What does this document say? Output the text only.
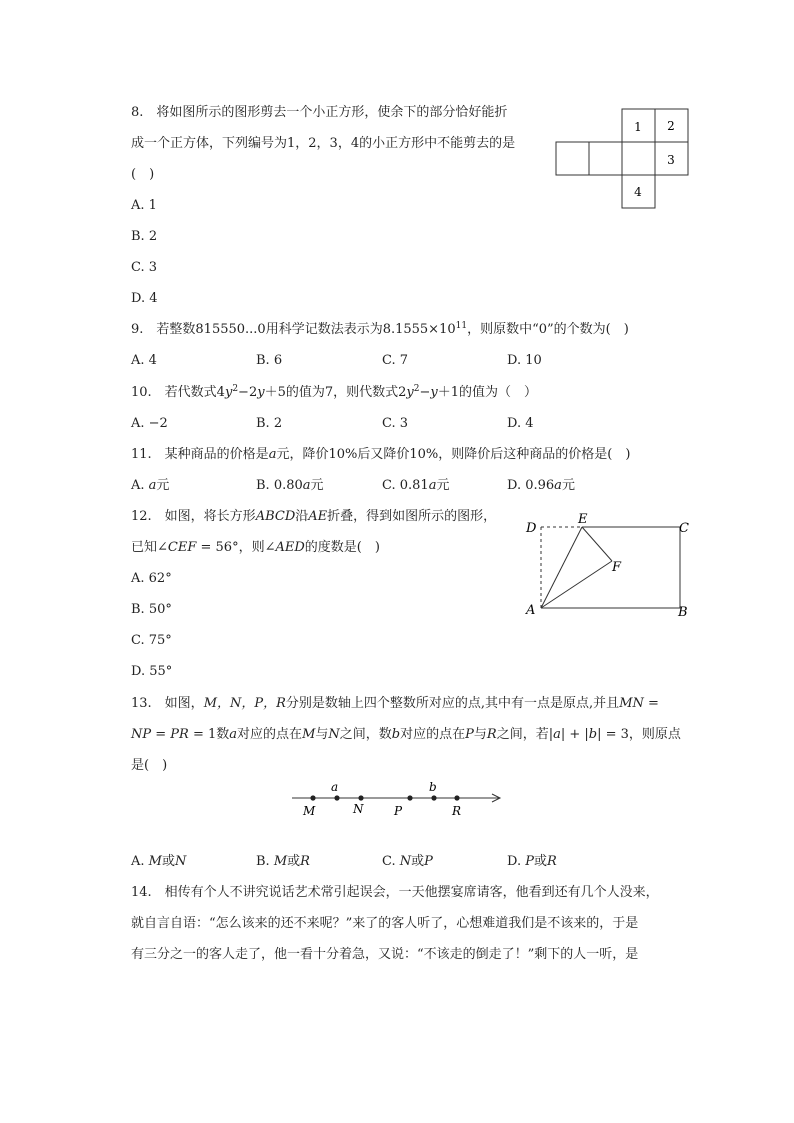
8.　将如图所示的图形剪去一个小正方形，使余下的部分恰好能折
成一个正方体，下列编号为1，2，3，4的小正方形中不能剪去的是
(　)
A. 1
B. 2
C. 3
D. 4
1 2
3
4
9.　若整数815550...0用科学记数法表示为$8.1555\times 10^{11}$，则原数中“0”的个数为(　)
A. 4	B. 6	C. 7	D. 10
10.　若代数式$4y^2-2y+5$的值为7，则代数式$2y^2-y+1$的值为（　）
A. −2	B. 2	C. 3	D. 4
11.　某种商品的价格是a元，降价10%后又降价10%，则降价后这种商品的价格是(　)
A. a元	B. 0.80a元	C. 0.81a元	D. 0.96a元
12.　如图，将长方形ABCD沿AE折叠，得到如图所示的图形，
已知∠CEF = 56°，则∠AED的度数是(　)
A. 62°
B. 50°
C. 75°
D. 55°
D
E
C
F
A	B
13.　如图，M，N，P，R分别是数轴上四个整数所对应的点,其中有一点是原点,并且MN =
NP = PR = 1数a对应的点在M与N之间，数b对应的点在P与R之间，若|a| + |b| = 3，则原点
是(　)
a	b
M	N	P	R
A. M或N	B. M或R	C. N或P	D. P或R
14.　相传有个人不讲究说话艺术常引起误会，一天他摆宴席请客，他看到还有几个人没来，
就自言自语：“怎么该来的还不来呢？”来了的客人听了，心想难道我们是不该来的，于是
有三分之一的客人走了，他一看十分着急，又说：“不该走的倒走了！”剩下的人一听，是
